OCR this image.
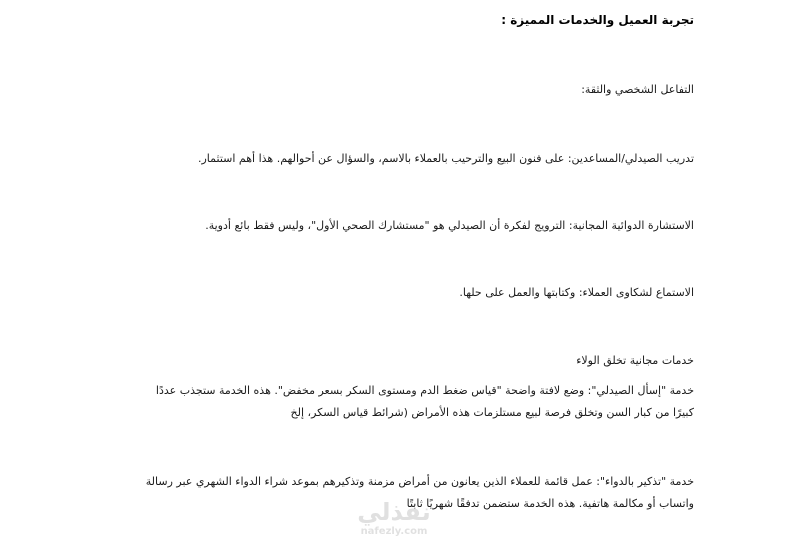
تجربة العميل والخدمات المميزة :
التفاعل الشخصي والثقة:
تدريب الصيدلي/المساعدين: على فنون البيع والترحيب بالعملاء بالاسم، والسؤال عن أحوالهم. هذا أهم استثمار.
الاستشارة الدوائية المجانية: الترويج لفكرة أن الصيدلي هو "مستشارك الصحي الأول"، وليس فقط بائع أدوية.
الاستماع لشكاوى العملاء: وكتابتها والعمل على حلها.
خدمات مجانية تخلق الولاء
خدمة "إسأل الصيدلي": وضع لافتة واضحة "قياس ضغط الدم ومستوى السكر بسعر مخفض". هذه الخدمة ستجذب عددًا
كبيرًا من كبار السن وتخلق فرصة لبيع مستلزمات هذه الأمراض (شرائط قياس السكر، إلخ
خدمة "تذكير بالدواء": عمل قائمة للعملاء الذين يعانون من أمراض مزمنة وتذكيرهم بموعد شراء الدواء الشهري عبر رسالة
واتساب أو مكالمة هاتفية. هذه الخدمة ستضمن تدفقًا شهريًا ثابتًا
نفذلي
nafezly.com
